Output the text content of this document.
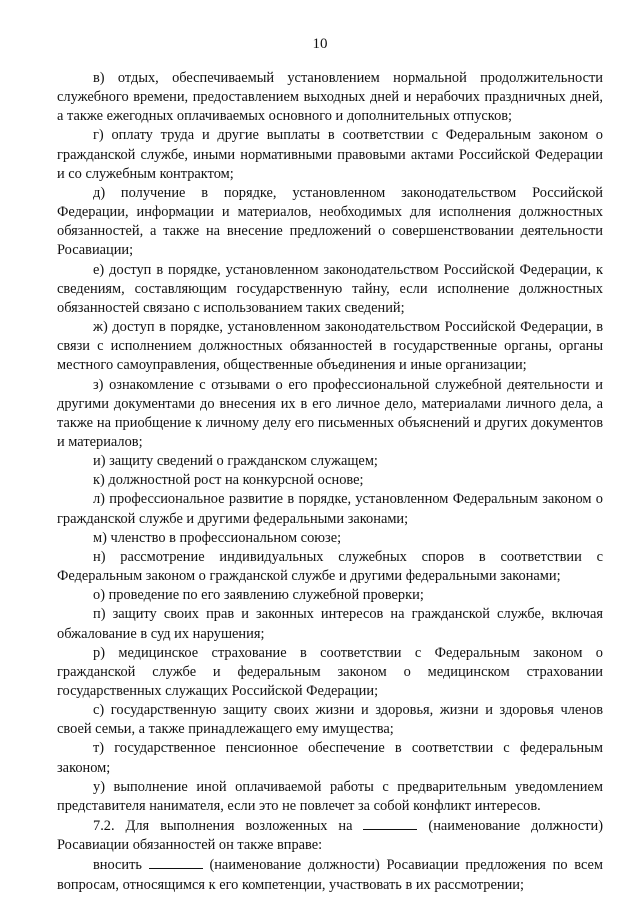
10

в) отдых, обеспечиваемый установлением нормальной продолжительности служебного времени, предоставлением выходных дней и нерабочих праздничных дней, а также ежегодных оплачиваемых основного и дополнительных отпусков;

г) оплату труда и другие выплаты в соответствии с Федеральным законом о гражданской службе, иными нормативными правовыми актами Российской Федерации и со служебным контрактом;

д) получение в порядке, установленном законодательством Российской Федерации, информации и материалов, необходимых для исполнения должностных обязанностей, а также на внесение предложений о совершенствовании деятельности Росавиации;

е) доступ в порядке, установленном законодательством Российской Федерации, к сведениям, составляющим государственную тайну, если исполнение должностных обязанностей связано с использованием таких сведений;

ж) доступ в порядке, установленном законодательством Российской Федерации, в связи с исполнением должностных обязанностей в государственные органы, органы местного самоуправления, общественные объединения и иные организации;

з) ознакомление с отзывами о его профессиональной служебной деятельности и другими документами до внесения их в его личное дело, материалами личного дела, а также на приобщение к личному делу его письменных объяснений и других документов и материалов;

и) защиту сведений о гражданском служащем;

к) должностной рост на конкурсной основе;

л) профессиональное развитие в порядке, установленном Федеральным законом о гражданской службе и другими федеральными законами;

м) членство в профессиональном союзе;

н) рассмотрение индивидуальных служебных споров в соответствии с Федеральным законом о гражданской службе и другими федеральными законами;

о) проведение по его заявлению служебной проверки;

п) защиту своих прав и законных интересов на гражданской службе, включая обжалование в суд их нарушения;

р) медицинское страхование в соответствии с Федеральным законом о гражданской службе и федеральным законом о медицинском страховании государственных служащих Российской Федерации;

с) государственную защиту своих жизни и здоровья, жизни и здоровья членов своей семьи, а также принадлежащего ему имущества;

т) государственное пенсионное обеспечение в соответствии с федеральным законом;

у) выполнение иной оплачиваемой работы с предварительным уведомлением представителя нанимателя, если это не повлечет за собой конфликт интересов.

7.2. Для выполнения возложенных на	(наименование должности) Росавиации обязанностей он также вправе:

вносить	(наименование должности) Росавиации предложения по всем вопросам, относящимся к его компетенции, участвовать в их рассмотрении;
